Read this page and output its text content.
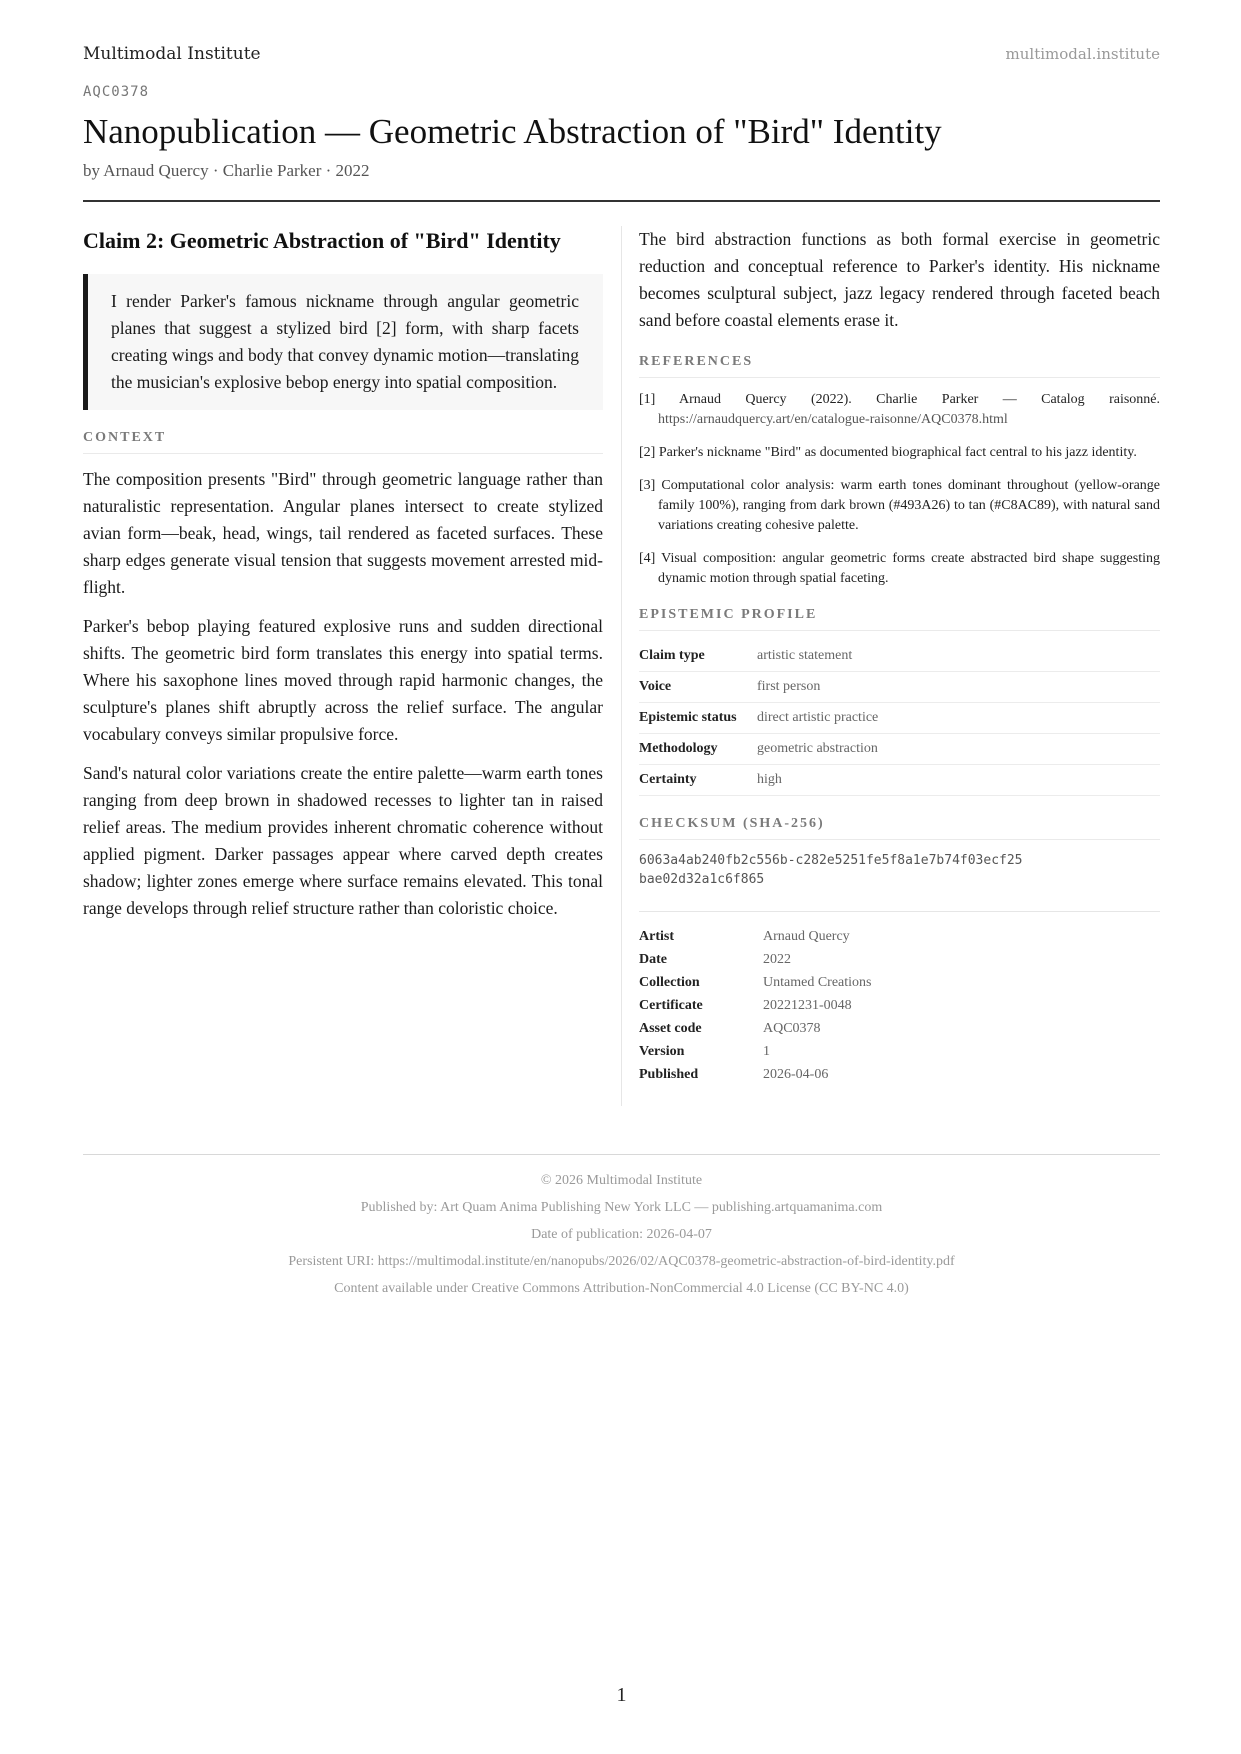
Multimodal Institute	multimodal.institute
AQC0378
Nanopublication — Geometric Abstraction of "Bird" Identity
by Arnaud Quercy · Charlie Parker · 2022
Claim 2: Geometric Abstraction of "Bird" Identity
I render Parker's famous nickname through angular geometric planes that suggest a stylized bird [2] form, with sharp facets creating wings and body that convey dynamic motion—translating the musician's explosive bebop energy into spatial composition.
CONTEXT

The composition presents "Bird" through geometric language rather than naturalistic representation. Angular planes intersect to create stylized avian form—beak, head, wings, tail rendered as faceted surfaces. These sharp edges generate visual tension that suggests movement arrested mid-flight.

Parker's bebop playing featured explosive runs and sudden directional shifts. The geometric bird form translates this energy into spatial terms. Where his saxophone lines moved through rapid harmonic changes, the sculpture's planes shift abruptly across the relief surface. The angular vocabulary conveys similar propulsive force.

Sand's natural color variations create the entire palette—warm earth tones ranging from deep brown in shadowed recesses to lighter tan in raised relief areas. The medium provides inherent chromatic coherence without applied pigment. Darker passages appear where carved depth creates shadow; lighter zones emerge where surface remains elevated. This tonal range develops through relief structure rather than coloristic choice.

The bird abstraction functions as both formal exercise in geometric reduction and conceptual reference to Parker's identity. His nickname becomes sculptural subject, jazz legacy rendered through faceted beach sand before coastal elements erase it.

REFERENCES
[1] Arnaud Quercy (2022). Charlie Parker — Catalog raisonné. https://arnaudquercy.art/en/catalogue-raisonne/AQC0378.html
[2] Parker's nickname "Bird" as documented biographical fact central to his jazz identity.
[3] Computational color analysis: warm earth tones dominant throughout (yellow-orange family 100%), ranging from dark brown (#493A26) to tan (#C8AC89), with natural sand variations creating cohesive palette.
[4] Visual composition: angular geometric forms create abstracted bird shape suggesting dynamic motion through spatial faceting.
EPISTEMIC PROFILE
Claim type	artistic statement
Voice	first person
Epistemic status	direct artistic practice
Methodology	geometric abstraction
Certainty	high
CHECKSUM (SHA-256)
6063a4ab240fb2c556b-c282e5251fe5f8a1e7b74f03ecf25bae02d32a1c6f865
Artist	Arnaud Quercy
Date	2022
Collection	Untamed Creations
Certificate	20221231-0048
Asset code	AQC0378
Version	1
Published	2026-04-06
© 2026 Multimodal Institute
Published by: Art Quam Anima Publishing New York LLC — publishing.artquamanima.com
Date of publication: 2026-04-07
Persistent URI: https://multimodal.institute/en/nanopubs/2026/02/AQC0378-geometric-abstraction-of-bird-identity.pdf
Content available under Creative Commons Attribution-NonCommercial 4.0 License (CC BY-NC 4.0)
1
